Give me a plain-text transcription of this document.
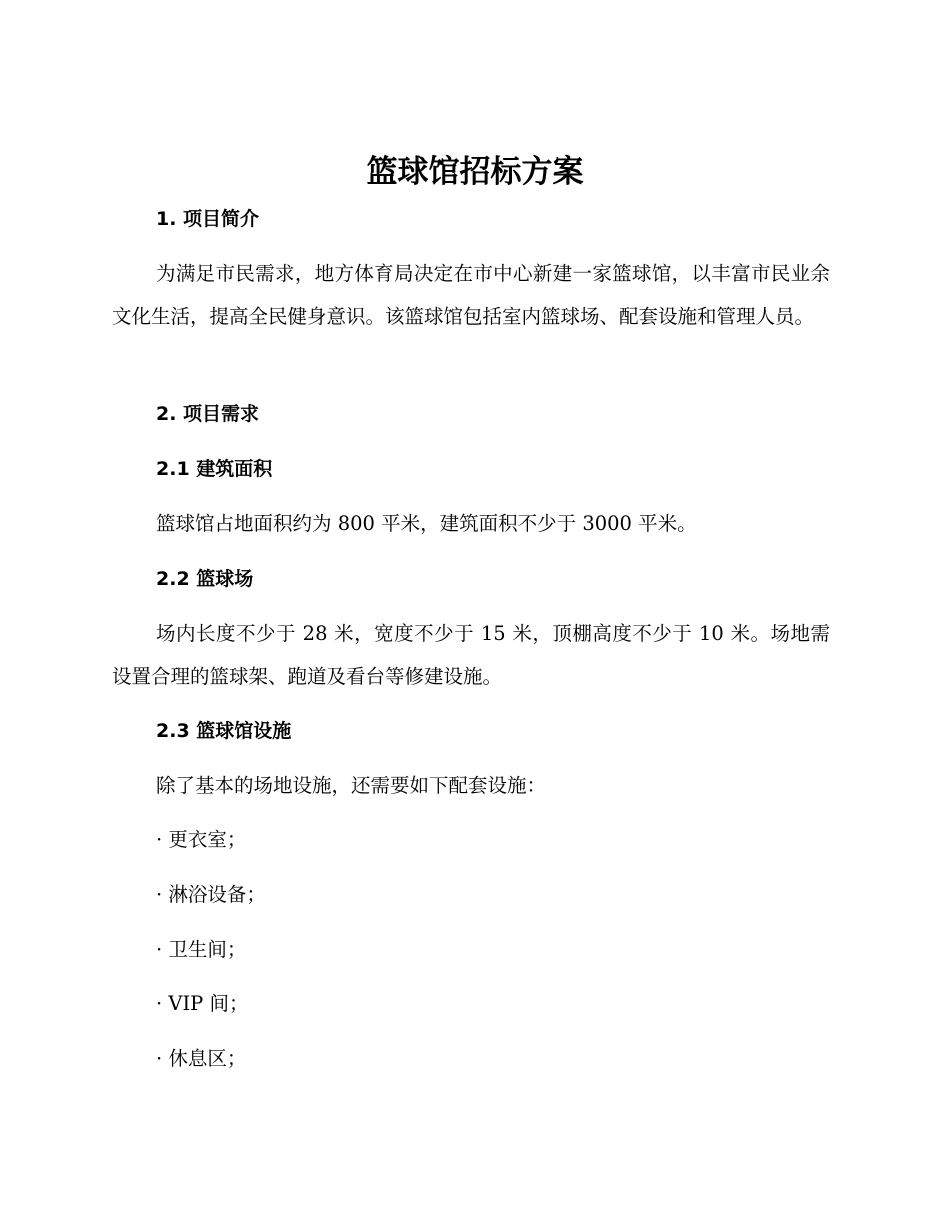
篮球馆招标方案
1. 项目简介

为满足市民需求，地方体育局决定在市中心新建一家篮球馆，以丰富市民业余文化生活，提高全民健身意识。该篮球馆包括室内篮球场、配套设施和管理人员。

2. 项目需求
2.1 建筑面积

篮球馆占地面积约为 800 平米，建筑面积不少于 3000 平米。

2.2 篮球场

场内长度不少于 28 米，宽度不少于 15 米，顶棚高度不少于 10 米。场地需设置合理的篮球架、跑道及看台等修建设施。

2.3 篮球馆设施

除了基本的场地设施，还需要如下配套设施：

· 更衣室；

· 淋浴设备；

· 卫生间；

· VIP 间；

· 休息区；
